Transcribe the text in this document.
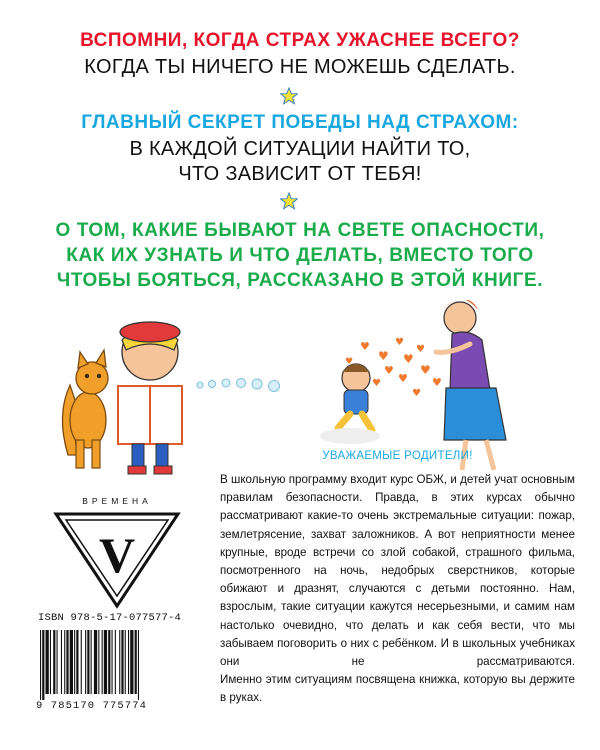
ВСПОМНИ, КОГДА СТРАХ УЖАСНЕЕ ВСЕГО?

КОГДА ТЫ НИЧЕГО НЕ МОЖЕШЬ СДЕЛАТЬ.

ГЛАВНЫЙ СЕКРЕТ ПОБЕДЫ НАД СТРАХОМ:

В КАЖДОЙ СИТУАЦИИ НАЙТИ ТО,

ЧТО ЗАВИСИТ ОТ ТЕБЯ!

О ТОМ, КАКИЕ БЫВАЮТ НА СВЕТЕ ОПАСНОСТИ,

КАК ИХ УЗНАТЬ И ЧТО ДЕЛАТЬ, ВМЕСТО ТОГО

ЧТОБЫ БОЯТЬСЯ, РАССКАЗАНО В ЭТОЙ КНИГЕ.

♥
♥
♥
♥
♥
♥ ♥
♥
♥
♥
♥
♥
ВРЕМЕНА
V
ISBN 978-5-17-077577-4
9 785170 775774
УВАЖАЕМЫЕ РОДИТЕЛИ!

В школьную программу входит курс ОБЖ, и детей учат основным правилам безопасности. Правда, в этих курсах обычно рассматривают какие-то очень экстремальные ситуации: пожар, землетрясение, захват заложников. А вот неприятности менее крупные, вроде встречи со злой собакой, страшного фильма, посмотренного на ночь, недобрых сверстников, которые обижают и дразнят, случаются с детьми постоянно. Нам, взрослым, такие ситуации кажутся несерьезными, и самим нам настолько очевидно, что делать и как себя вести, что мы забываем поговорить о них с ребёнком. И в школьных учебниках они не рассматриваются.

Именно этим ситуациям посвящена книжка, которую вы держите в руках.
